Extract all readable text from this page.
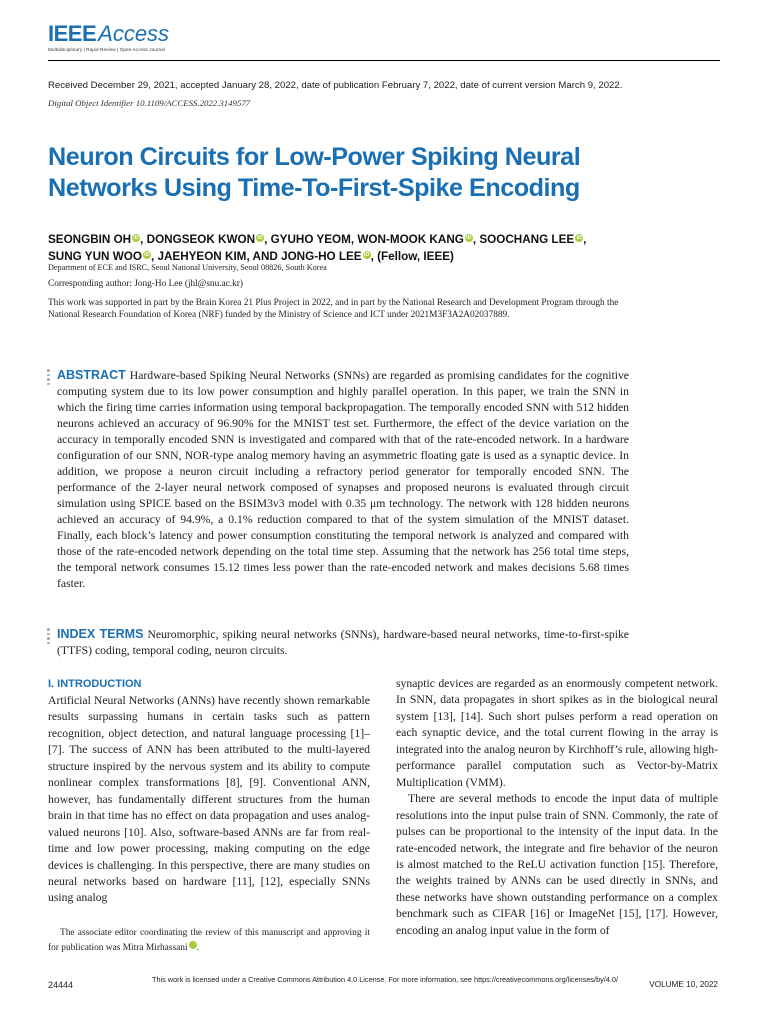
IEEEAccess
Multidisciplinary | Rapid Review | Open Access Journal
Received December 29, 2021, accepted January 28, 2022, date of publication February 7, 2022, date of current version March 9, 2022.
Digital Object Identifier 10.1109/ACCESS.2022.3149577
Neuron Circuits for Low-Power Spiking Neural
Networks Using Time-To-First-Spike Encoding
SEONGBIN OH iD, DONGSEOK KWON iD, GYUHO YEOM, WON-MOOK KANG iD, SOOCHANG LEE iD,
SUNG YUN WOO iD, JAEHYEON KIM, AND JONG-HO LEE iD, (Fellow, IEEE)
Department of ECE and ISRC, Seoul National University, Seoul 08826, South Korea
Corresponding author: Jong-Ho Lee (jhl@snu.ac.kr)
This work was supported in part by the Brain Korea 21 Plus Project in 2022, and in part by the National Research and Development Program through the National Research Foundation of Korea (NRF) funded by the Ministry of Science and ICT under 2021M3F3A2A02037889.
ABSTRACT Hardware-based Spiking Neural Networks (SNNs) are regarded as promising candidates for the cognitive computing system due to its low power consumption and highly parallel operation. In this paper, we train the SNN in which the firing time carries information using temporal backpropagation. The temporally encoded SNN with 512 hidden neurons achieved an accuracy of 96.90% for the MNIST test set. Furthermore, the effect of the device variation on the accuracy in temporally encoded SNN is investigated and compared with that of the rate-encoded network. In a hardware configuration of our SNN, NOR-type analog memory having an asymmetric floating gate is used as a synaptic device. In addition, we propose a neuron circuit including a refractory period generator for temporally encoded SNN. The performance of the 2-layer neural network composed of synapses and proposed neurons is evaluated through circuit simulation using SPICE based on the BSIM3v3 model with 0.35 μm technology. The network with 128 hidden neurons achieved an accuracy of 94.9%, a 0.1% reduction compared to that of the system simulation of the MNIST dataset. Finally, each block’s latency and power consumption constituting the temporal network is analyzed and compared with those of the rate-encoded network depending on the total time step. Assuming that the network has 256 total time steps, the temporal network consumes 15.12 times less power than the rate-encoded network and makes decisions 5.68 times faster.
INDEX TERMS Neuromorphic, spiking neural networks (SNNs), hardware-based neural networks, time-to-first-spike (TTFS) coding, temporal coding, neuron circuits.
I. INTRODUCTION

Artificial Neural Networks (ANNs) have recently shown remarkable results surpassing humans in certain tasks such as pattern recognition, object detection, and natural language processing [1]–[7]. The success of ANN has been attributed to the multi-layered structure inspired by the nervous system and its ability to compute nonlinear complex transformations [8], [9]. Conventional ANN, however, has fundamentally different structures from the human brain in that time has no effect on data propagation and uses analog-valued neurons [10]. Also, software-based ANNs are far from real-time and low power processing, making computing on the edge devices is challenging. In this perspective, there are many studies on neural networks based on hardware [11], [12], especially SNNs using analog

The associate editor coordinating the review of this manuscript and approving it for publication was Mitra Mirhassani iD.

synaptic devices are regarded as an enormously competent network. In SNN, data propagates in short spikes as in the biological neural system [13], [14]. Such short pulses perform a read operation on each synaptic device, and the total current flowing in the array is integrated into the analog neuron by Kirchhoff’s rule, allowing high-performance parallel computation such as Vector-by-Matrix Multiplication (VMM).

There are several methods to encode the input data of multiple resolutions into the input pulse train of SNN. Commonly, the rate of pulses can be proportional to the intensity of the input data. In the rate-encoded network, the integrate and fire behavior of the neuron is almost matched to the ReLU activation function [15]. Therefore, the weights trained by ANNs can be used directly in SNNs, and these networks have shown outstanding performance on a complex benchmark such as CIFAR [16] or ImageNet [15], [17]. However, encoding an analog input value in the form of

This work is licensed under a Creative Commons Attribution 4.0 License. For more information, see https://creativecommons.org/licenses/by/4.0/
24444	VOLUME 10, 2022
